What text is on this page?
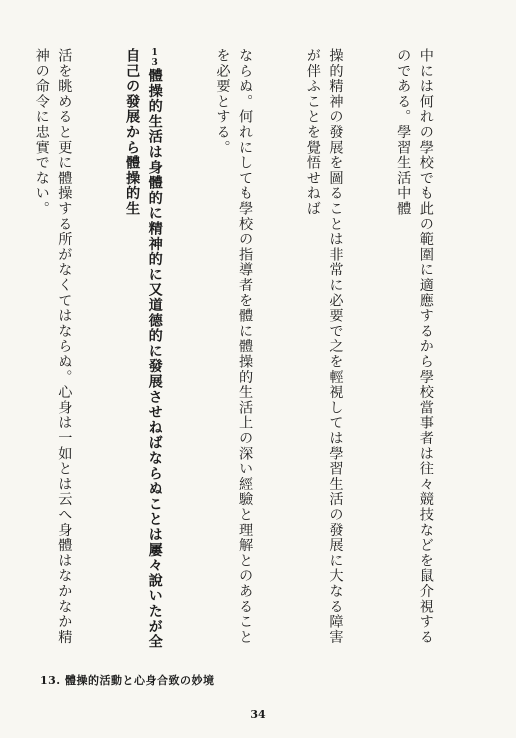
中には何れの學校でも此の範圍に適應するから學校當事者は往々競技などを鼠介視するのである。學習生活中體

操的精神の發展を圖ることは非常に必要で之を輕視しては學習生活の發展に大なる障害が伴ふことを覺悟せねば

ならぬ。何れにしても學校の指導者を體に體操的生活上の深い經驗と理解とのあることを必要とする。

13體操的生活は身體的に精神的に又道德的に發展させねばならぬことは屢々說いたが全自己の發展から體操的生

活を眺めると更に體操する所がなくてはならぬ。心身は一如とは云へ身體はなかなか精神の命令に忠實でない。

13. 體操的活動と心身合致の妙境
34
